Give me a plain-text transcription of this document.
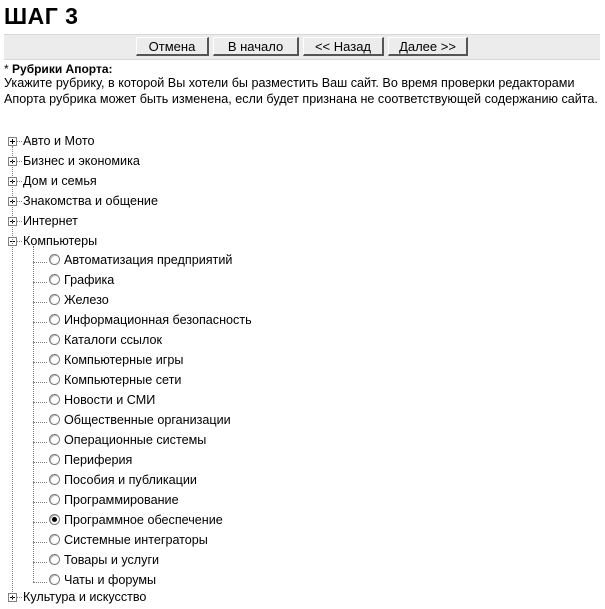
ШАГ 3
Отмена	В начало	<< Назад	Далее >>
* Рубрики Апорта:
Укажите рубрику, в которой Вы хотели бы разместить Ваш сайт. Во время проверки редакторами Апорта рубрика может быть изменена, если будет признана не соответствующей содержанию сайта.
Авто и Мото
Бизнес и экономика
Дом и семья
Знакомства и общение
Интернет
Компьютеры
Автоматизация предприятий
Графика
Железо
Информационная безопасность
Каталоги ссылок
Компьютерные игры
Компьютерные сети
Новости и СМИ
Общественные организации
Операционные системы
Периферия
Пособия и публикации
Программирование
Программное обеспечение
Системные интеграторы
Товары и услуги
Чаты и форумы
Культура и искусство
